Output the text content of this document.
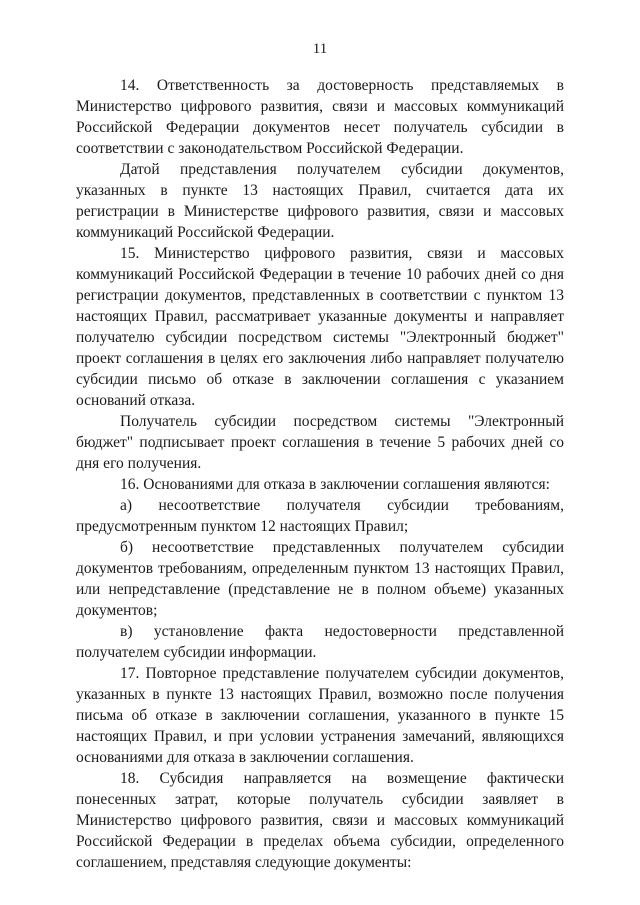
11

14. Ответственность за достоверность представляемых в Министерство цифрового развития, связи и массовых коммуникаций Российской Федерации документов несет получатель субсидии в соответствии с законодательством Российской Федерации.

Датой представления получателем субсидии документов, указанных в пункте 13 настоящих Правил, считается дата их регистрации в Министерстве цифрового развития, связи и массовых коммуникаций Российской Федерации.

15. Министерство цифрового развития, связи и массовых коммуникаций Российской Федерации в течение 10 рабочих дней со дня регистрации документов, представленных в соответствии с пунктом 13 настоящих Правил, рассматривает указанные документы и направляет получателю субсидии посредством системы "Электронный бюджет" проект соглашения в целях его заключения либо направляет получателю субсидии письмо об отказе в заключении соглашения с указанием оснований отказа.

Получатель субсидии посредством системы "Электронный бюджет" подписывает проект соглашения в течение 5 рабочих дней со дня его получения.

16. Основаниями для отказа в заключении соглашения являются:

а) несоответствие получателя субсидии требованиям, предусмотренным пунктом 12 настоящих Правил;

б) несоответствие представленных получателем субсидии документов требованиям, определенным пунктом 13 настоящих Правил, или непредставление (представление не в полном объеме) указанных документов;

в) установление факта недостоверности представленной получателем субсидии информации.

17. Повторное представление получателем субсидии документов, указанных в пункте 13 настоящих Правил, возможно после получения письма об отказе в заключении соглашения, указанного в пункте 15 настоящих Правил, и при условии устранения замечаний, являющихся основаниями для отказа в заключении соглашения.

18. Субсидия направляется на возмещение фактически понесенных затрат, которые получатель субсидии заявляет в Министерство цифрового развития, связи и массовых коммуникаций Российской Федерации в пределах объема субсидии, определенного соглашением, представляя следующие документы:
